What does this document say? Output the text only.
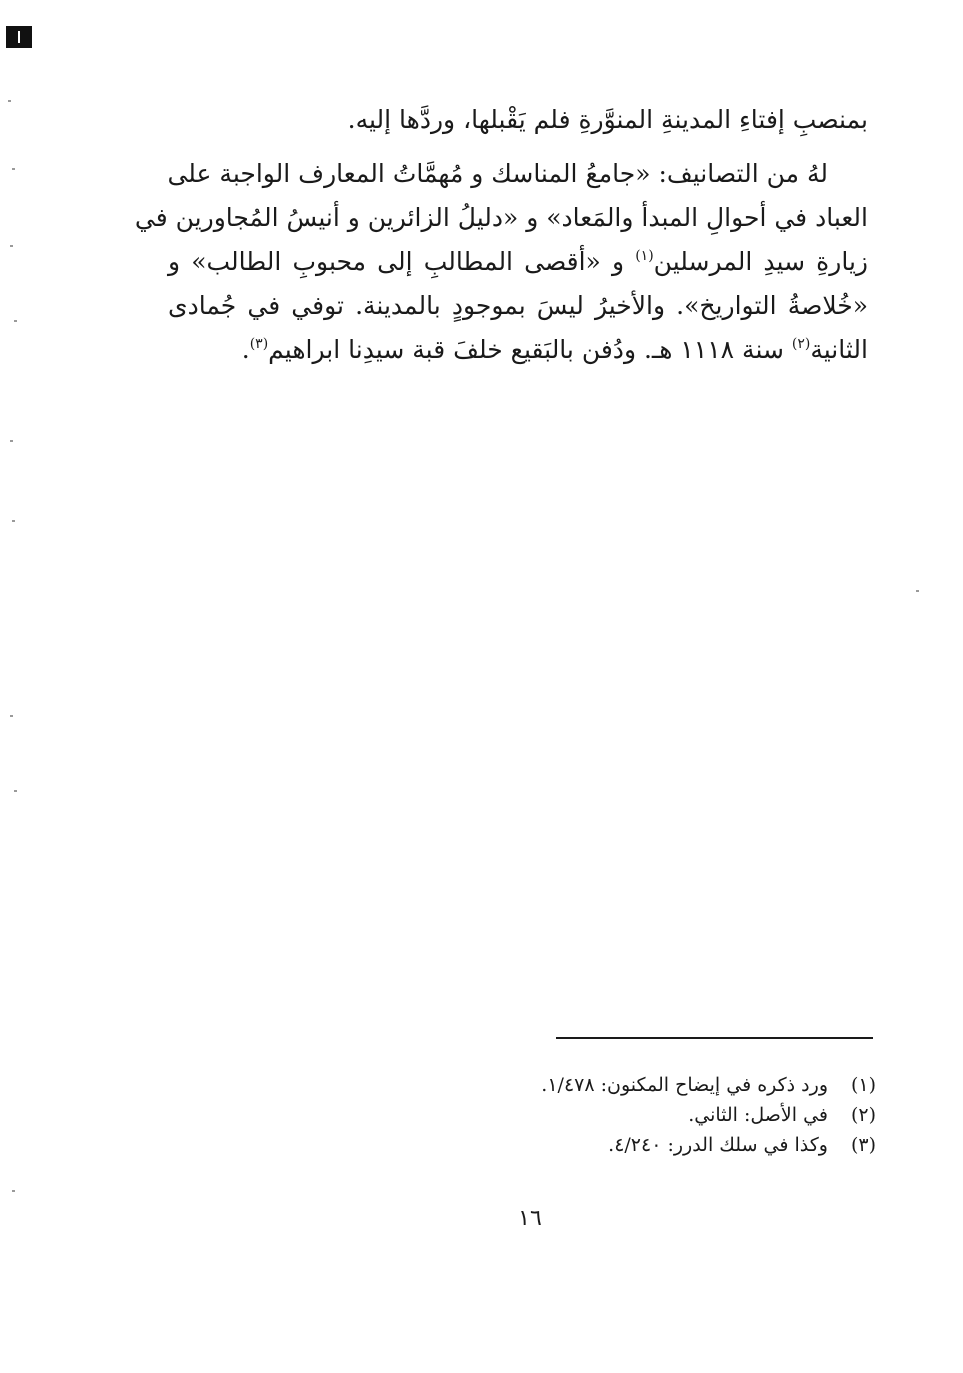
بمنصبِ إفتاءِ المدينةِ المنوَّرةِ فلم يَقْبلها، وردَّها إليه.
لهُ من التصانيف: «جامعُ المناسك و مُهمَّاتُ المعارف الواجبة على
العباد في أحوالِ المبدأ والمَعاد» و «دليلُ الزائرين و أنيسُ المُجاورين في
زيارةِ سيدِ المرسلين$^{(١)}$ و «أقصى المطالبِ إلى محبوبِ الطالب» و
«خُلاصةُ التواريخ». والأخيرُ ليسَ بموجودٍ بالمدينة. توفي في جُمادى
الثانية$^{(٢)}$ سنة ١١١٨ هـ. ودُفن بالبَقيع خلفَ قبة سيدِنا ابراهيم$^{(٣)}$.
(١)
ورد ذكره في إيضاح المكنون: ١/٤٧٨.
(٢)
في الأصل: الثاني.
(٣)
وكذا في سلك الدرر: ٤/٢٤٠.
١٦
